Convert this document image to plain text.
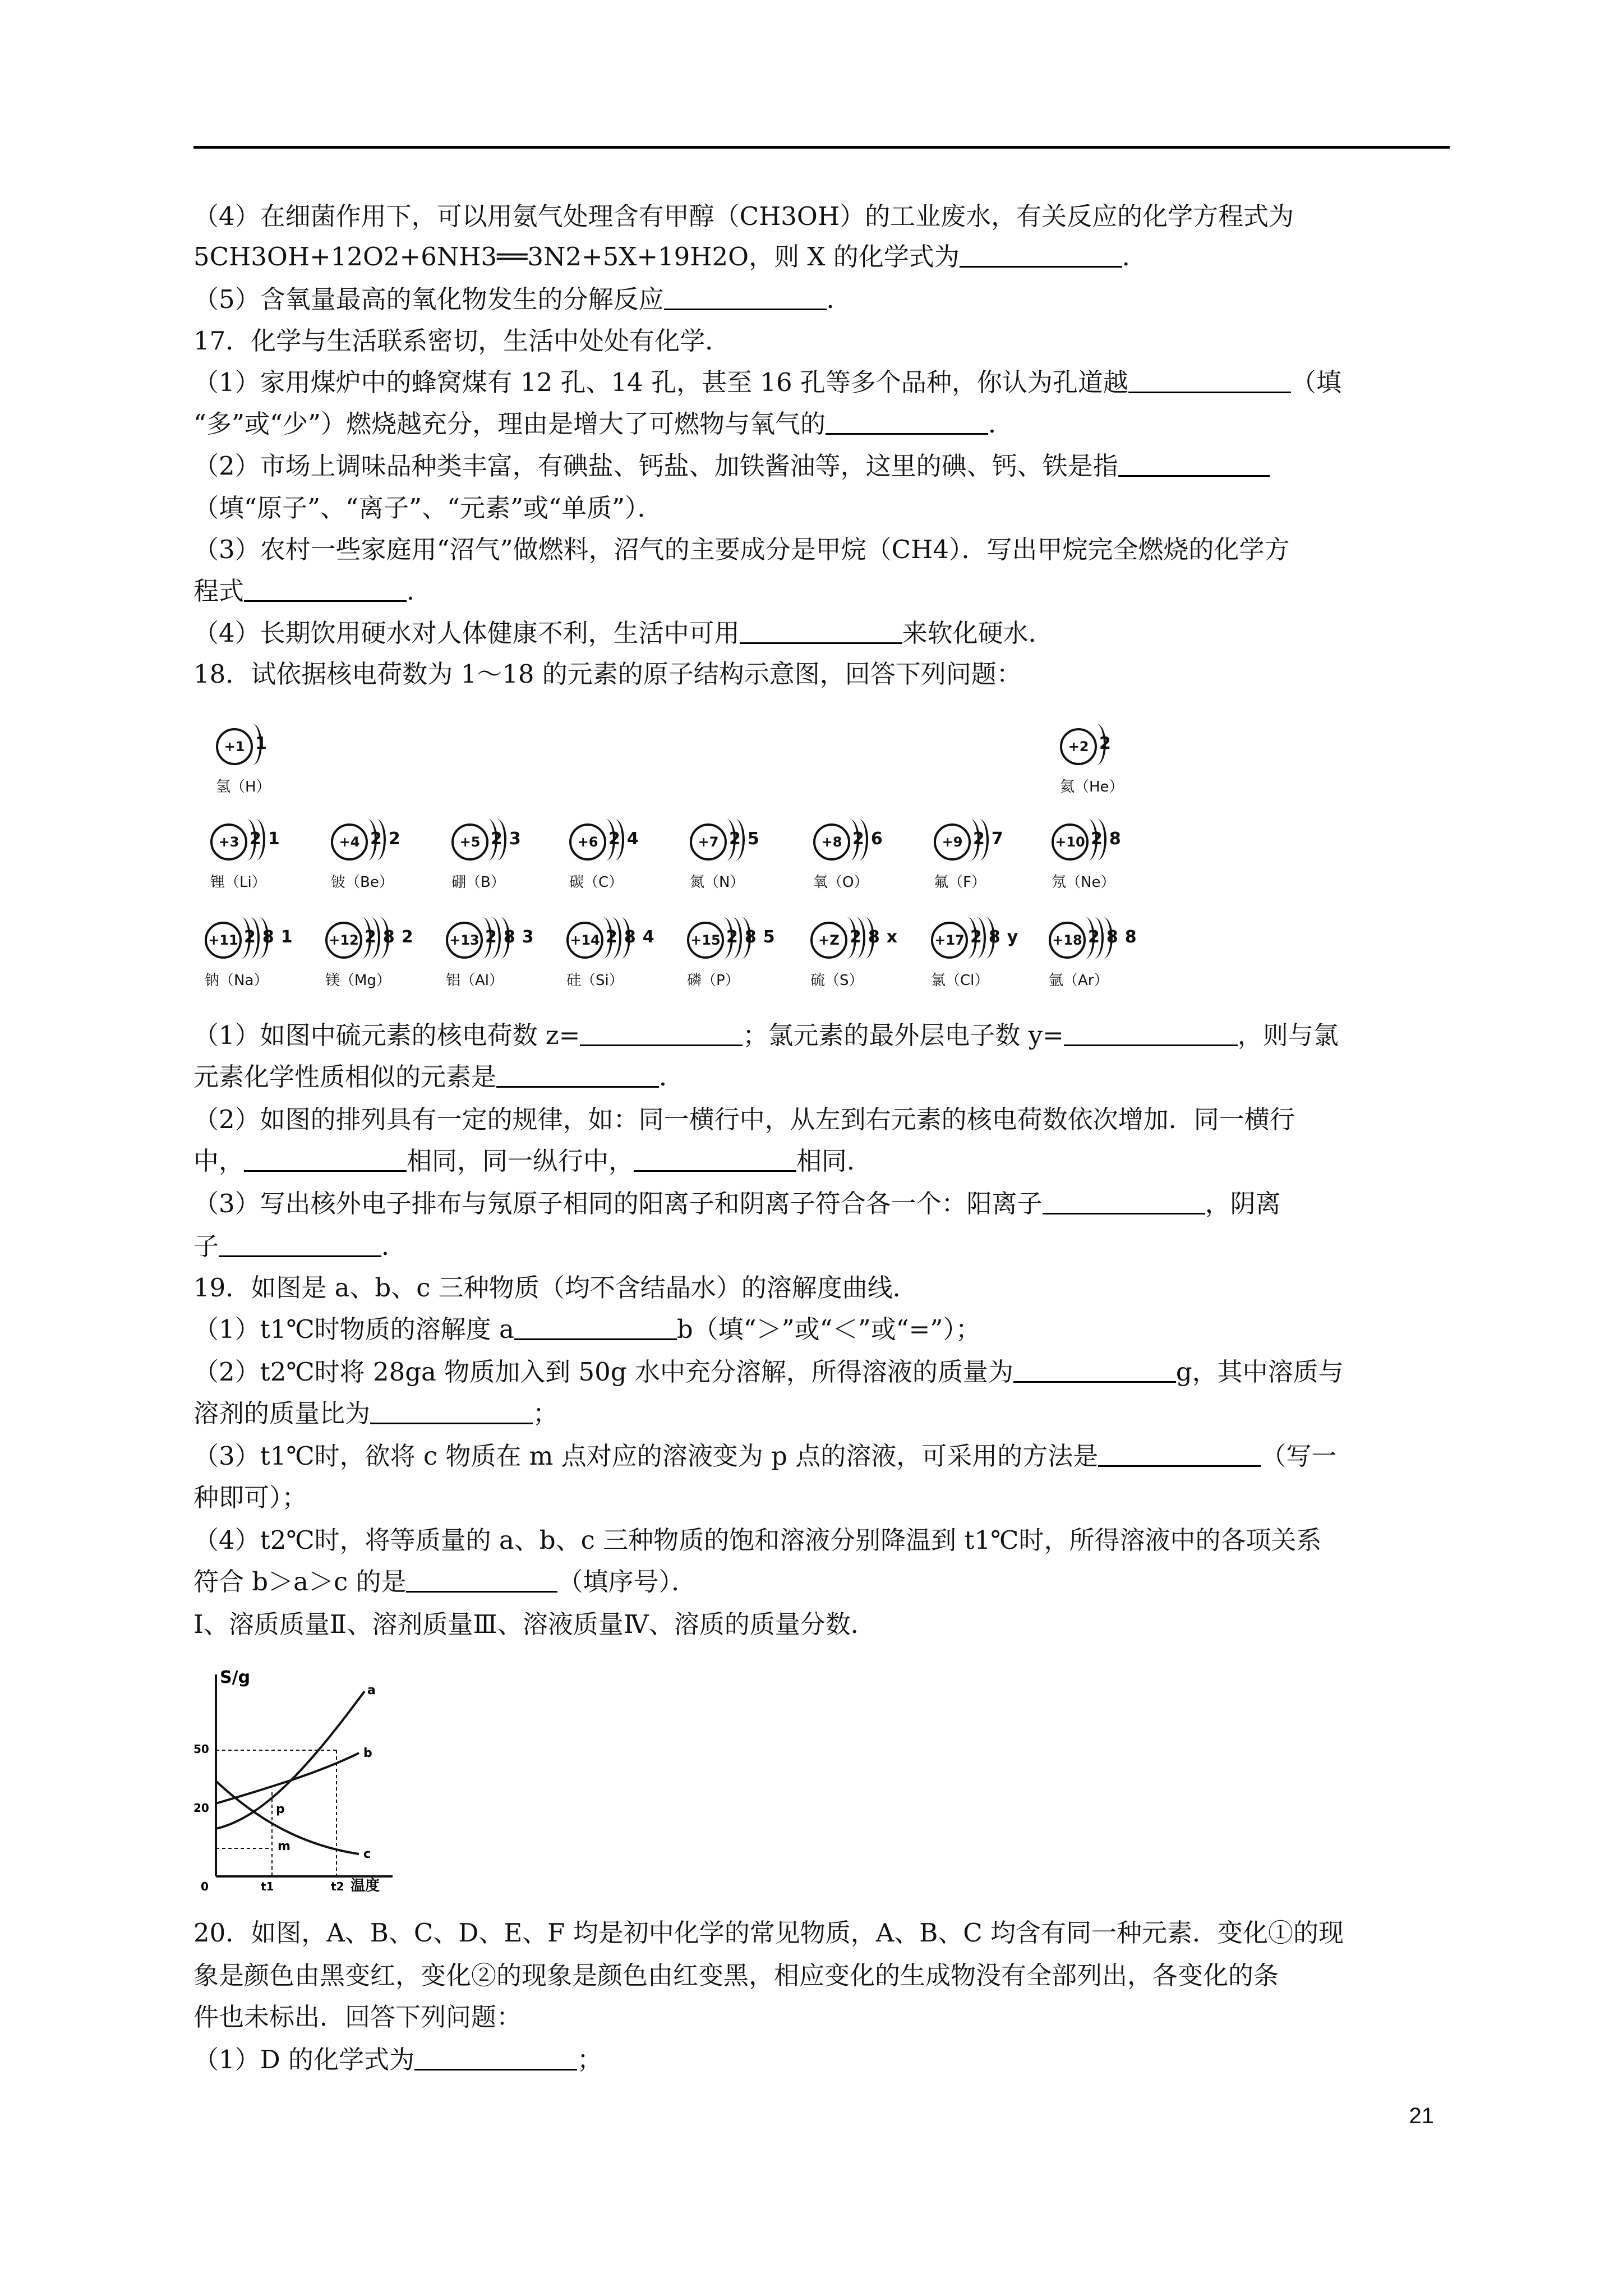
（4）在细菌作用下，可以用氨气处理含有甲醇（CH3OH）的工业废水，有关反应的化学方程式为
5CH3OH+12O2+6NH3══3N2+5X+19H2O，则 X 的化学式为	．
（5）含氧量最高的氧化物发生的分解反应	．
17．化学与生活联系密切，生活中处处有化学．
（1）家用煤炉中的蜂窝煤有 12 孔、14 孔，甚至 16 孔等多个品种，你认为孔道越	（填
“多”或“少”）燃烧越充分，理由是增大了可燃物与氧气的	．
（2）市场上调味品种类丰富，有碘盐、钙盐、加铁酱油等，这里的碘、钙、铁是指
（填“原子”、“离子”、“元素”或“单质”）．
（3）农村一些家庭用“沼气”做燃料，沼气的主要成分是甲烷（CH4）．写出甲烷完全燃烧的化学方
程式	．
（4）长期饮用硬水对人体健康不利，生活中可用	来软化硬水．
18．试依据核电荷数为 1～18 的元素的原子结构示意图，回答下列问题：
+1 1
氢（H）
+2 2
氦（He）
+3 21
锂（Li）
+4 22
铍（Be）
+5 23
硼（B）
+6 24
碳（C）
+7 25
氮（N）
+8 26
氧（O）
+9 27
氟（F）
+10 28
氖（Ne）
+11 281
钠（Na）
+12 282
镁（Mg）
+13 283
铝（Al）
+14 284
硅（Si）
+15 285
磷（P）
+Z 28x
硫（S）
+17 28y
氯（Cl）
+18 288
氩（Ar）
（1）如图中硫元素的核电荷数 z=	；氯元素的最外层电子数 y=	，则与氯
元素化学性质相似的元素是	．
（2）如图的排列具有一定的规律，如：同一横行中，从左到右元素的核电荷数依次增加．同一横行
中，	相同，同一纵行中，	相同．
（3）写出核外电子排布与氖原子相同的阳离子和阴离子符合各一个：阳离子	，阴离
子	．
19．如图是 a、b、c 三种物质（均不含结晶水）的溶解度曲线．
（1）t1℃时物质的溶解度 a	b（填“＞”或“＜”或“=”）；
（2）t2℃时将 28ga 物质加入到 50g 水中充分溶解，所得溶液的质量为	g，其中溶质与
溶剂的质量比为	；
（3）t1℃时，欲将 c 物质在 m 点对应的溶液变为 p 点的溶液，可采用的方法是	（写一
种即可）；
（4）t2℃时，将等质量的 a、b、c 三种物质的饱和溶液分别降温到 t1℃时，所得溶液中的各项关系
符合 b＞a＞c 的是	（填序号）．
Ⅰ、溶质质量Ⅱ、溶剂质量Ⅲ、溶液质量Ⅳ、溶质的质量分数．
S/g
温度
50
20
0	t1	t2
a
b
c
p
m
20．如图，A、B、C、D、E、F 均是初中化学的常见物质，A、B、C 均含有同一种元素．变化①的现
象是颜色由黑变红，变化②的现象是颜色由红变黑，相应变化的生成物没有全部列出，各变化的条
件也未标出．回答下列问题：
（1）D 的化学式为	；
21
